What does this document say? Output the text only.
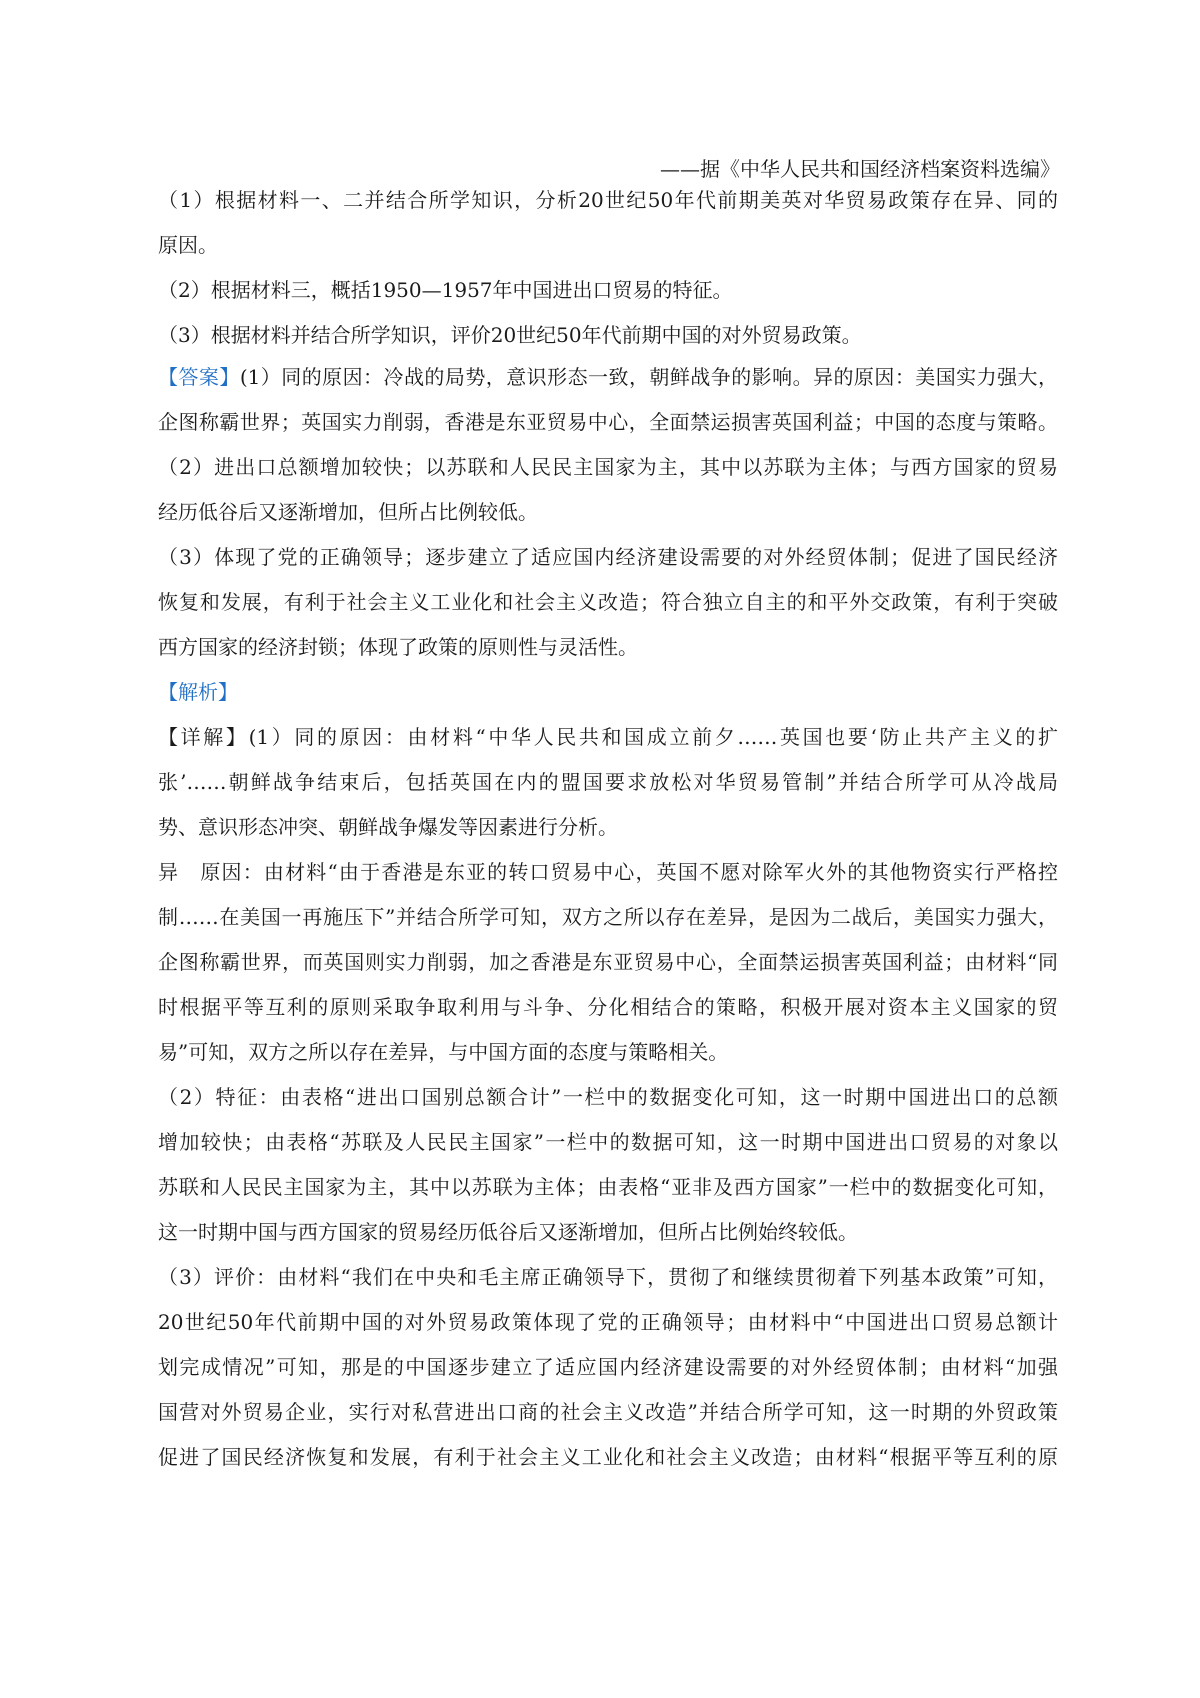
——据《中华人民共和国经济档案资料选编》
（1）根据材料一、二并结合所学知识，分析20世纪50年代前期美英对华贸易政策存在异、同的
原因。
（2）根据材料三，概括1950—1957年中国进出口贸易的特征。
（3）根据材料并结合所学知识，评价20世纪50年代前期中国的对外贸易政策。
【答案】(1）同的原因：冷战的局势，意识形态一致，朝鲜战争的影响。异的原因：美国实力强大，
企图称霸世界；英国实力削弱，香港是东亚贸易中心，全面禁运损害英国利益；中国的态度与策略。
（2）进出口总额增加较快；以苏联和人民民主国家为主，其中以苏联为主体；与西方国家的贸易
经历低谷后又逐渐增加，但所占比例较低。
（3）体现了党的正确领导；逐步建立了适应国内经济建设需要的对外经贸体制；促进了国民经济
恢复和发展，有利于社会主义工业化和社会主义改造；符合独立自主的和平外交政策，有利于突破
西方国家的经济封锁；体现了政策的原则性与灵活性。
【解析】
【详解】(1）同的原因：由材料“中华人民共和国成立前夕……英国也要‘防止共产主义的扩
张’……朝鲜战争结束后，包括英国在内的盟国要求放松对华贸易管制”并结合所学可从冷战局
势、意识形态冲突、朝鲜战争爆发等因素进行分析。
异　原因：由材料“由于香港是东亚的转口贸易中心，英国不愿对除军火外的其他物资实行严格控
制……在美国一再施压下”并结合所学可知，双方之所以存在差异，是因为二战后，美国实力强大，
企图称霸世界，而英国则实力削弱，加之香港是东亚贸易中心，全面禁运损害英国利益；由材料“同
时根据平等互利的原则采取争取利用与斗争、分化相结合的策略，积极开展对资本主义国家的贸
易”可知，双方之所以存在差异，与中国方面的态度与策略相关。
（2）特征：由表格“进出口国别总额合计”一栏中的数据变化可知，这一时期中国进出口的总额
增加较快；由表格“苏联及人民民主国家”一栏中的数据可知，这一时期中国进出口贸易的对象以
苏联和人民民主国家为主，其中以苏联为主体；由表格“亚非及西方国家”一栏中的数据变化可知，
这一时期中国与西方国家的贸易经历低谷后又逐渐增加，但所占比例始终较低。
（3）评价：由材料“我们在中央和毛主席正确领导下，贯彻了和继续贯彻着下列基本政策”可知，
20世纪50年代前期中国的对外贸易政策体现了党的正确领导；由材料中“中国进出口贸易总额计
划完成情况”可知，那是的中国逐步建立了适应国内经济建设需要的对外经贸体制；由材料“加强
国营对外贸易企业，实行对私营进出口商的社会主义改造”并结合所学可知，这一时期的外贸政策
促进了国民经济恢复和发展，有利于社会主义工业化和社会主义改造；由材料“根据平等互利的原
